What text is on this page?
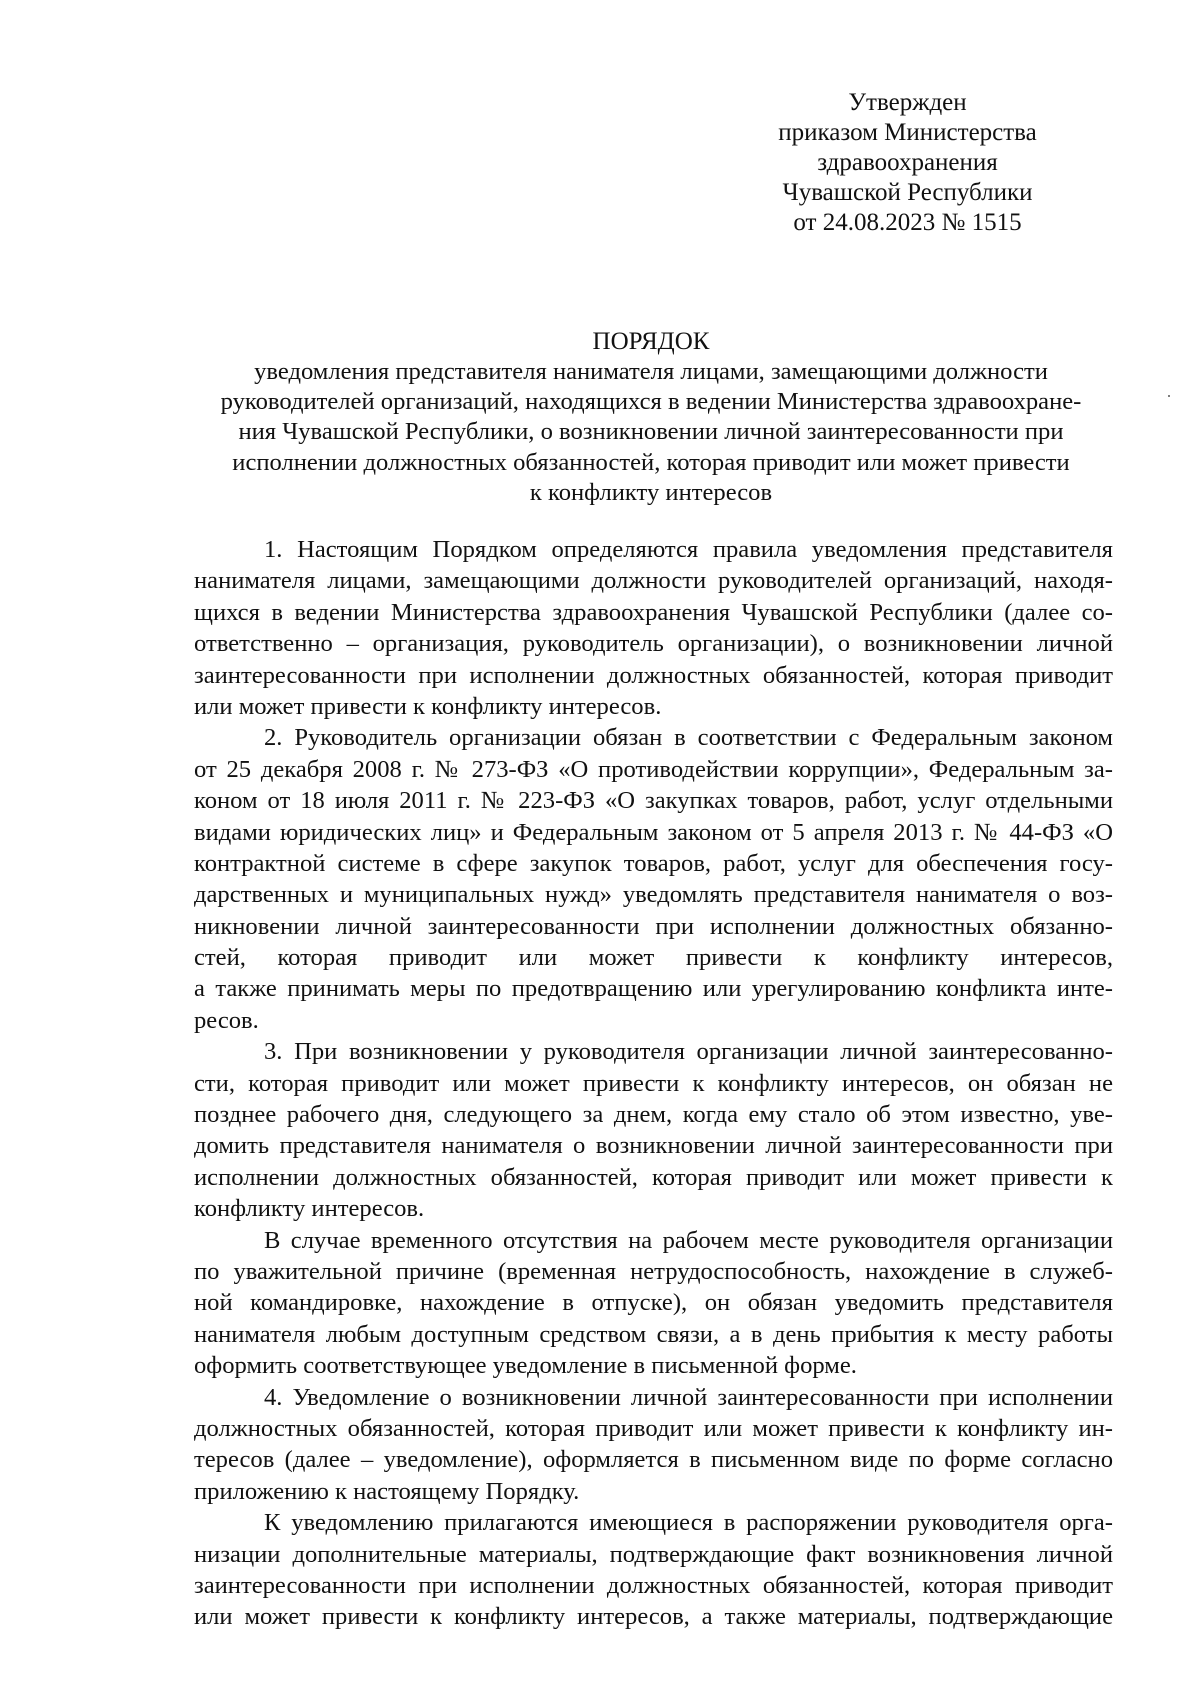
Утвержден
приказом Министерства
здравоохранения
Чувашской Республики
от 24.08.2023 № 1515
ПОРЯДОК
уведомления представителя нанимателя лицами, замещающими должности
руководителей организаций, находящихся в ведении Министерства здравоохране-
ния Чувашской Республики, о возникновении личной заинтересованности при
исполнении должностных обязанностей, которая приводит или может привести
к конфликту интересов
1. Настоящим Порядком определяются правила уведомления представителя
нанимателя лицами, замещающими должности руководителей организаций, находя-
щихся в ведении Министерства здравоохранения Чувашской Республики (далее со-
ответственно – организация, руководитель организации), о возникновении личной
заинтересованности при исполнении должностных обязанностей, которая приводит
или может привести к конфликту интересов.
2. Руководитель организации обязан в соответствии с Федеральным законом
от 25 декабря 2008 г. № 273-ФЗ «О противодействии коррупции», Федеральным за-
коном от 18 июля 2011 г. № 223-ФЗ «О закупках товаров, работ, услуг отдельными
видами юридических лиц» и Федеральным законом от 5 апреля 2013 г. № 44-ФЗ «О
контрактной системе в сфере закупок товаров, работ, услуг для обеспечения госу-
дарственных и муниципальных нужд» уведомлять представителя нанимателя о воз-
никновении личной заинтересованности при исполнении должностных обязанно-
стей, которая приводит или может привести к конфликту интересов,
а также принимать меры по предотвращению или урегулированию конфликта инте-
ресов.
3. При возникновении у руководителя организации личной заинтересованно-
сти, которая приводит или может привести к конфликту интересов, он обязан не
позднее рабочего дня, следующего за днем, когда ему стало об этом известно, уве-
домить представителя нанимателя о возникновении личной заинтересованности при
исполнении должностных обязанностей, которая приводит или может привести к
конфликту интересов.
В случае временного отсутствия на рабочем месте руководителя организации
по уважительной причине (временная нетрудоспособность, нахождение в служеб-
ной командировке, нахождение в отпуске), он обязан уведомить представителя
нанимателя любым доступным средством связи, а в день прибытия к месту работы
оформить соответствующее уведомление в письменной форме.
4. Уведомление о возникновении личной заинтересованности при исполнении
должностных обязанностей, которая приводит или может привести к конфликту ин-
тересов (далее – уведомление), оформляется в письменном виде по форме согласно
приложению к настоящему Порядку.
К уведомлению прилагаются имеющиеся в распоряжении руководителя орга-
низации дополнительные материалы, подтверждающие факт возникновения личной
заинтересованности при исполнении должностных обязанностей, которая приводит
или может привести к конфликту интересов, а также материалы, подтверждающие
